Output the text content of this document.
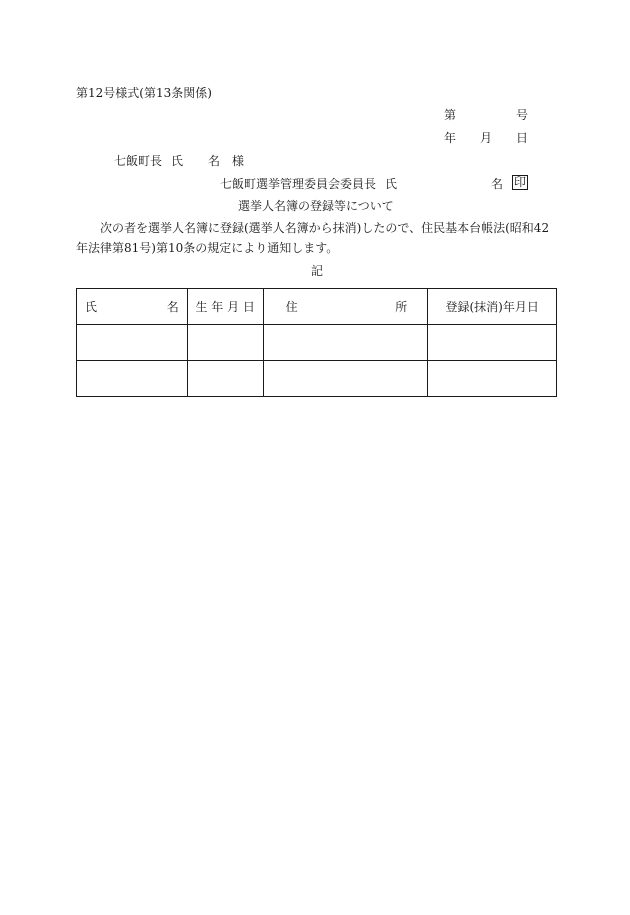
第12号様式(第13条関係)
第	号
年 月 日
七飯町長 氏 名 様
七飯町選挙管理委員会委員長 氏	名 印
選挙人名簿の登録等について
次の者を選挙人名簿に登録(選挙人名簿から抹消)したので、住民基本台帳法(昭和42年法律第81号)第10条の規定により通知します。
記
氏 名	生 年 月 日	住 所	登録(抹消)年月日
